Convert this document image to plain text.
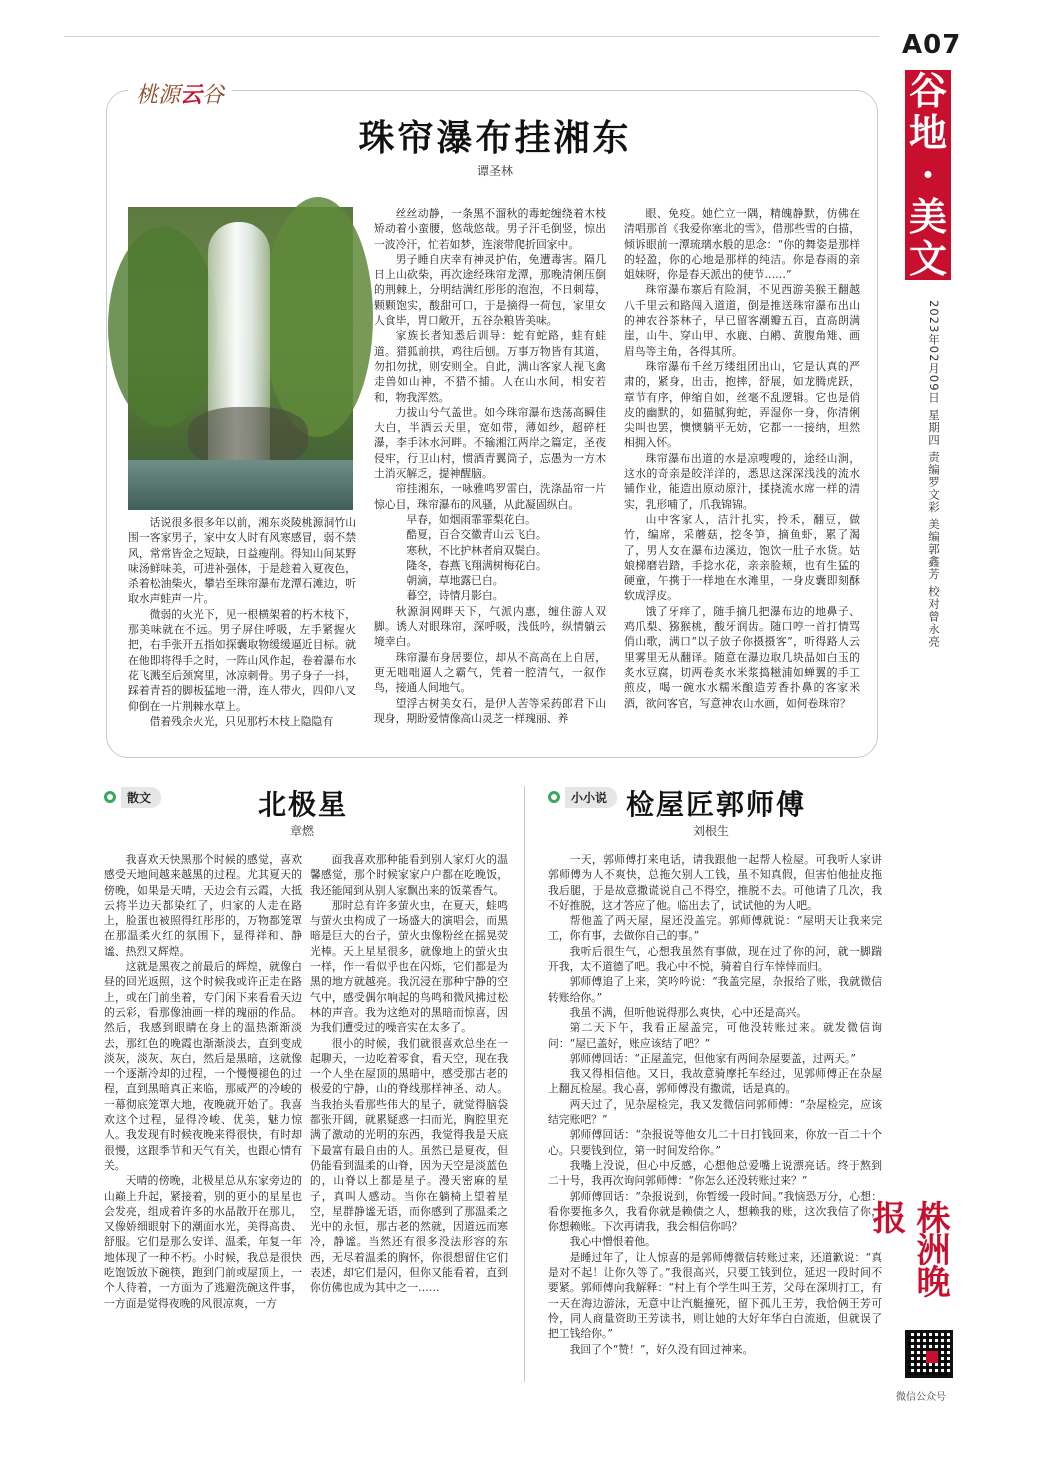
A07
谷
地
·
美
文
2023年02月09日 星期四 责编罗文彩 美编郭鑫芳 校对曾永亮
株洲晚报
微信公众号
桃源云谷
珠帘瀑布挂湘东
谭圣林

话说很多很多年以前，湘东炎陵桃源洞竹山围一客家男子，家中女人时有风寒感冒，弱不禁风，常常皆金之短缺，日益瘦削。得知山间某野味汤鲜味美，可进补强体，于是趁着入夏夜色，杀着松油柴火，攀岩至珠帘瀑布龙潭石滩边，听取水声蛙声一片。

微弱的火光下，见一根横架着的朽木枝下，那美味就在不远。男子屏住呼吸，左手紧握火把，右手张开五指如探囊取物缓缓逼近目标。就在他即将得手之时，一阵山风作起，卷着瀑布水花飞溅至后颈窝里，冰凉刺骨。男子身子一抖，踩着青苔的脚板猛地一滑，连人带火，四仰八叉仰倒在一片荆棘水草上。

借着残余火光，只见那朽木枝上隐隐有

丝丝动静，一条黑不溜秋的毒蛇缠绕着木枝矫动着小蛮腰，悠哉悠哉。男子汗毛倒竖，惊出一波冷汗，忙若如梦，连滚带爬折回家中。

男子睡自庆幸有神灵护佑，免遭毒害。隔几日上山砍柴，再次途经珠帘龙潭，那晚清俐压倒的荆棘上，分明结满红彤彤的泡泡，不日刺莓，颗颗饱实，酸甜可口，于是摘得一荷包，家里女人食毕，胃口敞开，五谷杂粮皆美味。

家族长者知悉后训导：蛇有蛇路，蛙有蛙道。猎狐前拱，鸡往后刨。万事万物皆有其道，勿扣勿扰，则安则全。自此，满山客家人视飞禽走兽如山神，不猎不捕。人在山水间，相安若和，物我浑然。

力拔山兮气盖世。如今珠帘瀑布迭荡高瞬佳大白，半酒云天里，宽如带，薄如纱，超碎枉瀑，李手沐水河畔。不输湘江两岸之篇定，圣夜侵牢，行卫山村，惯酒青翼筒子，忘愚为一方木土消灭解乏，提神醒脑。

帘挂湘东，一咏雅鸣罗雷白，洗涤晶帘一片惊心目，珠帘瀑布的风骚，从此凝固纵白。

早春，如烟雨霏霏梨花白。

酷夏，百合交徽青山云飞白。

寒秋，不比护林者肩双鬓白。

隆冬，春燕飞翔满树梅花白。

朝滴，草地露已白。

暮空，诗情月影白。

秋源洞网畔天下，气派内惠，缠住游人双脚。诱人对眼珠帘，深呼吸，浅低吟，纵情躺云境幸白。

珠帘瀑布身居要位，却从不高高在上自居，更无咄咄逼人之霸气，凭着一腔清气，一叙作鸟，接通人间地气。

望浮古树美女石，是伊人苦等采药郎君下山现身，期盼爱情像高山灵芝一样瑰丽、养

眼、免疫。她伫立一隅，精魄静默，仿佛在清唱那首《我爱你塞北的雪》，借那些雪的白描，倾诉眼前一潭琉璃水般的思念：“你的舞姿是那样的轻盈，你的心地是那样的纯洁。你是春雨的亲姐妹呀，你是春天派出的使节……”

珠帘瀑布寨后有险洞，不见西游美猴王翻越八千里云和路闯入道道，倒是推送珠帘瀑布出山的神农谷茶林子，早已留客潮瓣五百，直高朗满崖，山牛、穿山甲、水鹿、白鹇、黄腹角雉、画眉鸟等主角，各得其所。

珠帘瀑布千丝万缕组团出山，它是认真的严肃的，紧身，出击，抱摔，舒展，如龙腾虎跃，章节有序，伸缩自如，丝毫不乱逻辑。它也是俏皮的幽默的，如猫腻狗蛇，弄湿你一身，你清俐尖叫也罢，懊懊躺平无妨，它都一一接纳，坦然相拥入怀。

珠帘瀑布出道的水是凉嗖嗖的，途经山涧，这水的奇亲是皎洋洋的，悉思这深深浅浅的流水铺作业，能造出原动原汁，揉挠流水席一样的清实，乳形哺了，爪我锦锦。

山中客家人，洁汁扎实，拎禾，翻豆，做竹，编席，采蘑菇，挖冬笋，摘鱼虾，累了渴了，男人女在瀑布边溪边，饱饮一肚子水货。姑娘梯磨岩踏，手捻水花，亲亲脸颊，也有生猛的硬童，午携于一样地在水滩里，一身皮囊即刻酥软成浮皮。

饿了牙痒了，随手摘几把瀑布边的地鼻子、鸡爪梨、猕猴桃，酸牙润齿。随口哼一首打情骂俏山歌，满口“以子放子你摄摄客”，听得路人云里雾里无从翻译。随意在瀑边取几块晶如白玉的炙水豆腐，切两卷炙水米浆捣糍浦如蝉翼的手工煎皮，喝一碗水水糯米酿造芳香扑鼻的客家米酒，欲问客官，写意神农山水画，如何卷珠帘？

散文	北极星
章燃

我喜欢天快黑那个时候的感觉，喜欢感受天地间越来越黑的过程。尤其夏天的傍晚，如果是天晴，天边会有云霞，大抵云将半边天都染红了，归家的人走在路上，脸蛋也被照得红彤彤的，万物都笼罩在那温柔火红的氛围下，显得祥和、静谧、热烈又辉煌。

这就是黑夜之前最后的辉煌，就像白昼的回光返照，这个时候我或许正走在路上，或在门前坐着，专门闲下来看看天边的云彩，看那像油画一样的瑰丽的作品。然后，我感到眼睛在身上的温热渐渐淡去，那红色的晚霞也渐渐淡去，直到变成淡灰，淡灰、灰白，然后是黑暗，这就像一个逐渐冷却的过程，一个慢慢褪色的过程，直到黑暗真正来临，那威严的冷峻的一幕彻底笼罩大地，夜晚就开始了。我喜欢这个过程，显得冷峻、优美，魅力惊人。我发现有时候夜晚来得很快，有时却很慢，这跟季节和天气有关，也跟心情有关。

天晴的傍晚，北极星总从东家旁边的山巅上升起，紧接着，别的更小的星星也会发亮，组成着许多的水晶散开在那儿，又像娇细眼射下的潮面水光，美得高贵、舒服。它们是那么安详、温柔，年复一年地体现了一种不朽。小时候，我总是很快吃饱饭放下碗筷，跑到门前或屋顶上，一个人待着，一方面为了逃避洗碗这件事，一方面是觉得夜晚的风很凉爽，一方

面我喜欢那种能看到别人家灯火的温馨感觉，那个时候家家户户都在吃晚饭，我还能闻到从别人家飘出来的饭菜香气。

那时总有许多萤火虫，在夏天，蛙鸣与萤火虫构成了一场盛大的演唱会，而黑暗是巨大的台子，萤火虫像粉丝在摇晃荧光棒。天上星星很多，就像地上的萤火虫一样，作一看似乎也在闪烁，它们都是为黑的地方就越亮。我沉浸在那种宁静的空气中，感受偶尔响起的鸟鸣和微风拂过松林的声音。我为这绝对的黑暗而惊喜，因为我们遭受过的噪音实在太多了。

很小的时候，我们就很喜欢总坐在一起聊天，一边吃着零食，看天空，现在我一个人坐在屋顶的黑暗中，感受那古老的极爱的宁静，山的脊线那样神圣、动人。当我抬头看那些伟大的星子，就觉得脑袋都张开阔，就累疑惑一扫而光，胸腔里充满了激动的光明的东西，我觉得我是天底下最富有最自由的人。虽然已是夏夜，但仍能看到温柔的山脊，因为天空是淡蓝色的，山脊以上都是星子。漫天密麻的星子，真叫人感动。当你在躺椅上望着星空，星群静谧无语，而你感到了那温柔之光中的永恒，那古老的然就，因道远而寒冷，静谧。当然还有很多没法形容的东西，无尽着温柔的胸怀，你很想留住它们表述，却它们是闪，但你又能看着，直到你仿佛也成为其中之一……

小小说 检屋匠郭师傅
刘根生

一天，郭师傅打来电话，请我跟他一起帮人检屋。可我听人家讲郭师傅为人不爽快，总拖欠别人工钱，虽不知真假，但害怕他扯皮拖我后腿，于是故意撒谎说自己不得空，推脱不去。可他请了几次，我不好推脱，这才答应了他。临出去了，试试他的为人吧。

帮他盖了两天屋，屋还没盖完。郭师傅就说：“屋明天让我来完工，你有事，去做你自己的事。”

我听后很生气，心想我虽然有事做，现在过了你的河，就一脚踹开我，太不道德了吧。我心中不悦，骑着自行车悻悻而归。

郭师傅追了上来，笑吟吟说：“我盖完屋，杂报给了账，我就微信转账给你。”

我虽不满，但听他说得那么爽快，心中还是高兴。

第二天下午，我看正屋盖完，可他没转账过来。就发微信询问：“屋已盖好，账应该结了吧？”

郭师傅回话：“正屋盖完，但他家有两间杂屋要盖，过两天。”

我又得相信他。又日，我故意骑摩托车经过，见郭师傅正在杂屋上翻瓦检屋。我心喜，郭师傅没有撒谎，话是真的。

两天过了，见杂屋检完，我又发微信问郭师傅：“杂屋检完，应该结完账吧？”

郭师傅回话：“杂报说等他女儿二十日打钱回来，你放一百二十个心。只要钱到位，第一时间发给你。”

我嘴上没说，但心中反感，心想他总爱嘴上说漂亮话。终于熬到二十号，我再次询问郭师傅：“你怎么还没转账过来？”

郭师傅回话：“杂报说到，你暂缓一段时间。”我恼恐万分，心想：看你要拖多久，我看你就是赖债之人，想赖我的账，这次我信了你，你想赖账。下次再请我，我会相信你吗？

我心中憎恨着他。

是睡过年了，让人惊喜的是郭师傅微信转账过来，还道歉说：“真是对不起！让你久等了。”我很高兴，只要工钱到位，延迟一段时间不要紧。郭师傅向我解释：“村上有个学生叫王芳，父母在深圳打工，有一天在海边游泳，无意中让汽艇撞死，留下孤儿王芳，我恰俩王芳可怜，同人商量资助王芳读书，则让她的大好年华白白流逝，但就误了把工钱给你。”

我回了个“赞！”，好久没有回过神来。
